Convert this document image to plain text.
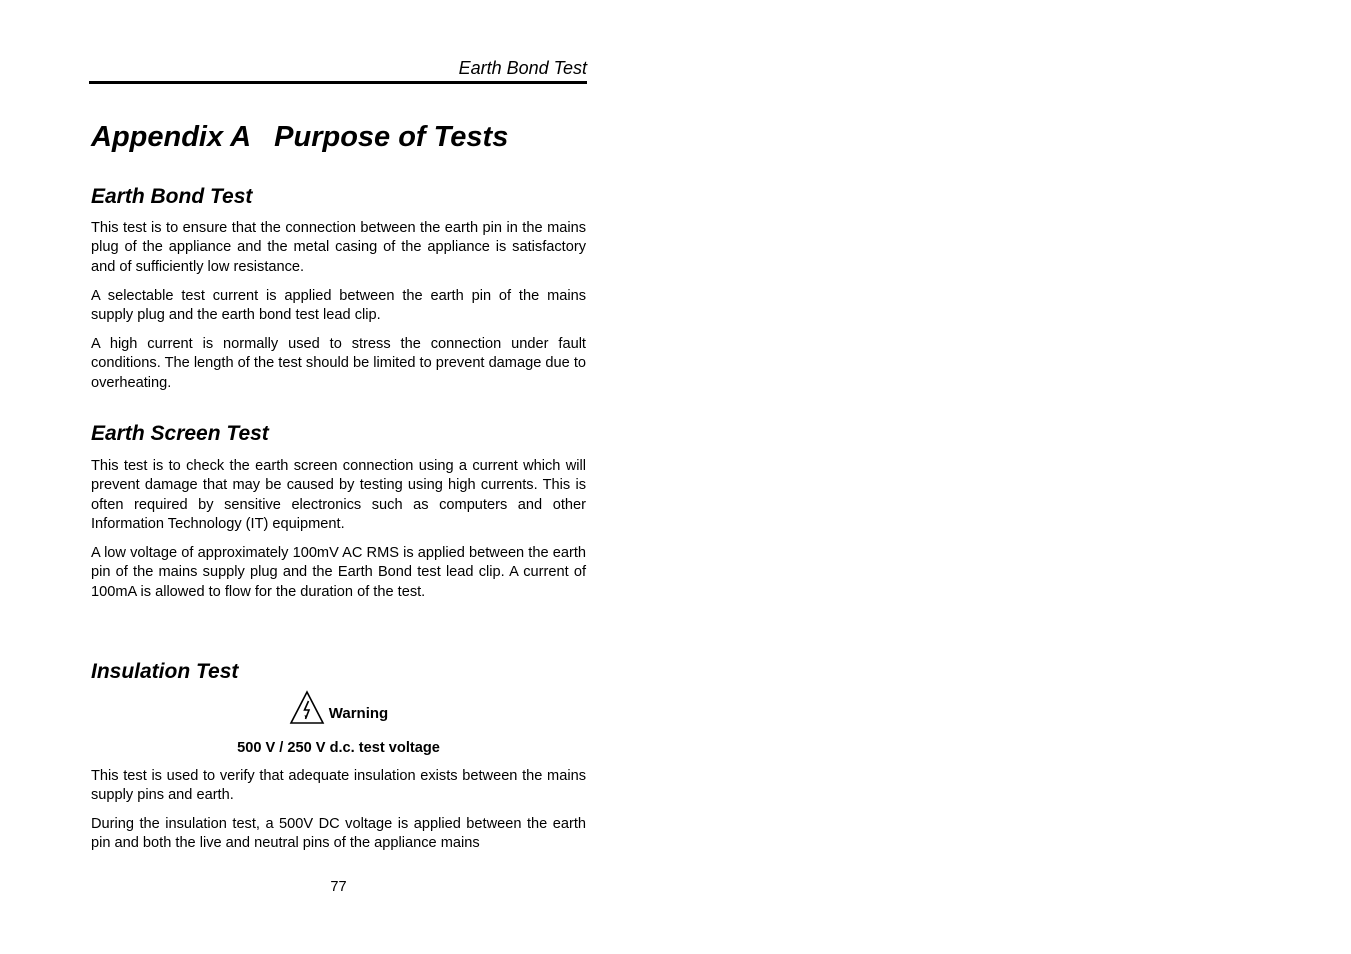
Earth Bond Test
Appendix A   Purpose of Tests
Earth Bond Test

This test is to ensure that the connection between the earth pin in the mains plug of the appliance and the metal casing of the appliance is satisfactory and of sufficiently low resistance.

A selectable test current is applied between the earth pin of the mains supply plug and the earth bond test lead clip.

A high current is normally used to stress the connection under fault conditions. The length of the test should be limited to prevent damage due to overheating.

Earth Screen Test

This test is to check the earth screen connection using a current which will prevent damage that may be caused by testing using high currents. This is often required by sensitive electronics such as computers and other Information Technology (IT) equipment.

A low voltage of approximately 100mV AC RMS is applied between the earth pin of the mains supply plug and the Earth Bond test lead clip. A current of 100mA is allowed to flow for the duration of the test.

Insulation Test
Warning
500 V / 250 V d.c. test voltage

This test is used to verify that adequate insulation exists between the mains supply pins and earth.

During the insulation test, a 500V DC voltage is applied between the earth pin and both the live and neutral pins of the appliance mains

77
